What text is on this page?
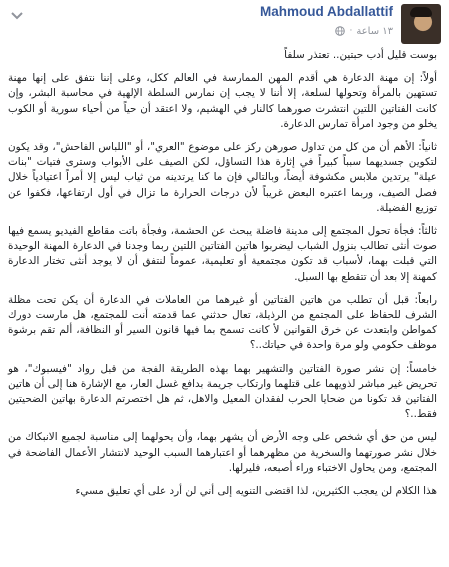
Mahmoud Abdallattif
١٣ ساعة
·

بوست قليل أدب حبتين.. تعتذر سلفاً

أولاً: إن مهنة الدعارة هي أقدم المهن الممارسة في العالم ككل، وعلى إننا نتفق على إنها مهنة تستهين بالمرأة وتحولها لسلعة، إلا أننا لا يجب إن نمارس السلطة الإلهية في محاسبة البشر، وإن كانت الفتاتين اللتين انتشرت صورهما كالنار في الهشيم، ولا اعتقد أن حياً من أحياء سورية أو الكوب يخلو من وجود امرأة تمارس الدعارة.

ثانياً: الأهم أن من كل من تداول صورهن ركز على موضوع "العري"، أو "اللباس الفاحش"، وقد يكون لتكوين جسديهما سبباً كبيراً في إثارة هذا التساؤل، لكن الصيف على الأبواب وسترى فتيات "بنات عيلة" يرتدين ملابس مكشوفة أيضاً، وبالتالي فإن ما كنا يرتدينه من ثياب ليس إلا أمراً اعتيادياً خلال فصل الصيف، وربما اعتبره البعض غريباً لأن درجات الحرارة ما تزال في أول ارتفاعها، فكفوا عن توزيع الفضيلة.

ثالثاً: فجأة تحول المجتمع إلى مدينة فاضلة يبحث عن الحشمة، وفجأة باتت مقاطع الفيديو يسمع فيها صوت أنثى تطالب بنزول الشباب ليضربوا هاتين الفتاتين اللتين ربما وجدنا في الدعارة المهنة الوحيدة التي قبلت بهما، لأسباب قد تكون مجتمعية أو تعليمية، عموماً لنتفق أن لا يوجد أنثى تختار الدعارة كمهنة إلا بعد أن تتقطع بها السبل.

رابعاً: قبل أن تطلب من هاتين الفتاتين أو غيرهما من العاملات في الدعارة أن يكن تحت مظلة الشرف للحفاظ على المجتمع من الرذيلة، تعال حدثني عما قدمته أنت للمجتمع، هل مارست دورك كمواطن وابتعدت عن خرق القوانين لأ كانت تسمح بما فيها قانون السير أو النظافة، ألم تقم برشوة موظف حكومي ولو مرة واحدة في حياتك..؟

خامساً: إن نشر صورة الفتاتين والتشهير بهما بهذه الطريقة الفجة من قبل رواد "فيسبوك"، هو تحريض غير مباشر لذويهما على قتلهما وارتكاب جريمة بدافع غسل العار، مع الإشارة هنا إلى أن هاتين الفتاتين قد تكونا من ضحايا الحرب لفقدان المعيل والاهل، ثم هل اختصرتم الدعارة بهاتين الضحيتين فقط..؟

ليس من حق أي شخص على وجه الأرض أن يشهر بهما، وأن يحولهما إلى مناسبة لجميع الانبكاك من خلال نشر صورتهما والسخرية من مظهرهما أو اعتبارهما السبب الوحيد لانتشار الأعمال الفاضحة في المجتمع، ومن يحاول الاختباء وراء أصبعه، فليرلها.

هذا الكلام لن يعجب الكثيرين، لذا اقتضى التنويه إلى أني لن أرد على أي تعليق مسيء
